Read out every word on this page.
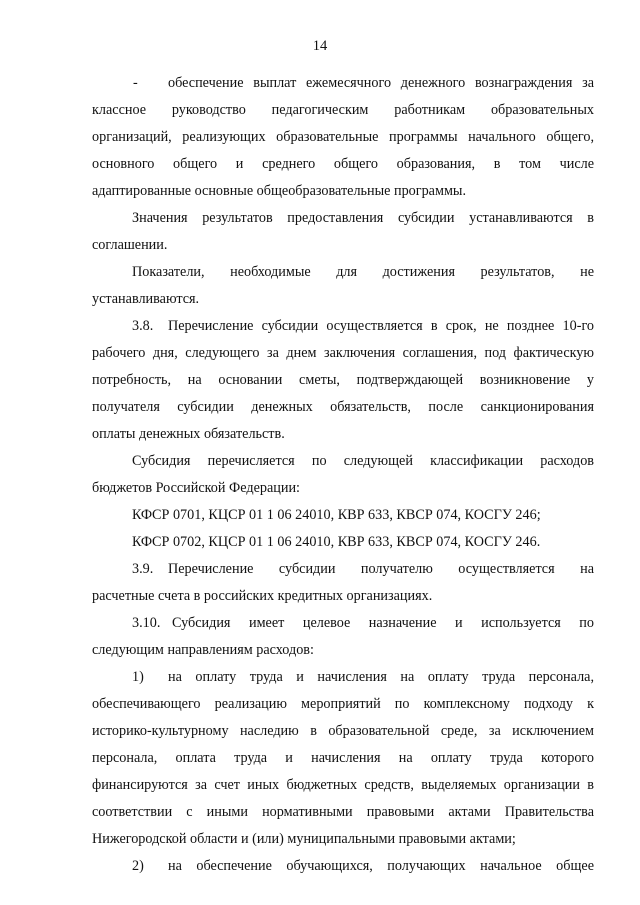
14
- обеспечение выплат ежемесячного денежного вознаграждения за
классное руководство педагогическим работникам образовательных
организаций, реализующих образовательные программы начального общего,
основного общего и среднего общего образования, в том числе
адаптированные основные общеобразовательные программы.
Значения результатов предоставления субсидии устанавливаются в
соглашении.
Показатели, необходимые для достижения результатов, не
устанавливаются.
3.8. Перечисление субсидии осуществляется в срок, не позднее 10-го
рабочего дня, следующего за днем заключения соглашения, под фактическую
потребность, на основании сметы, подтверждающей возникновение у
получателя субсидии денежных обязательств, после санкционирования
оплаты денежных обязательств.
Субсидия перечисляется по следующей классификации расходов
бюджетов Российской Федерации:
КФСР 0701, КЦСР 01 1 06 24010, КВР 633, КВСР 074, КОСГУ 246;
КФСР 0702, КЦСР 01 1 06 24010, КВР 633, КВСР 074, КОСГУ 246.
3.9. Перечисление субсидии получателю осуществляется на
расчетные счета в российских кредитных организациях.
3.10. Субсидия имеет целевое назначение и используется по
следующим направлениям расходов:
1) на оплату труда и начисления на оплату труда персонала,
обеспечивающего реализацию мероприятий по комплексному подходу к
историко-культурному наследию в образовательной среде, за исключением
персонала, оплата труда и начисления на оплату труда которого
финансируются за счет иных бюджетных средств, выделяемых организации в
соответствии с иными нормативными правовыми актами Правительства
Нижегородской области и (или) муниципальными правовыми актами;
2) на обеспечение обучающихся, получающих начальное общее
